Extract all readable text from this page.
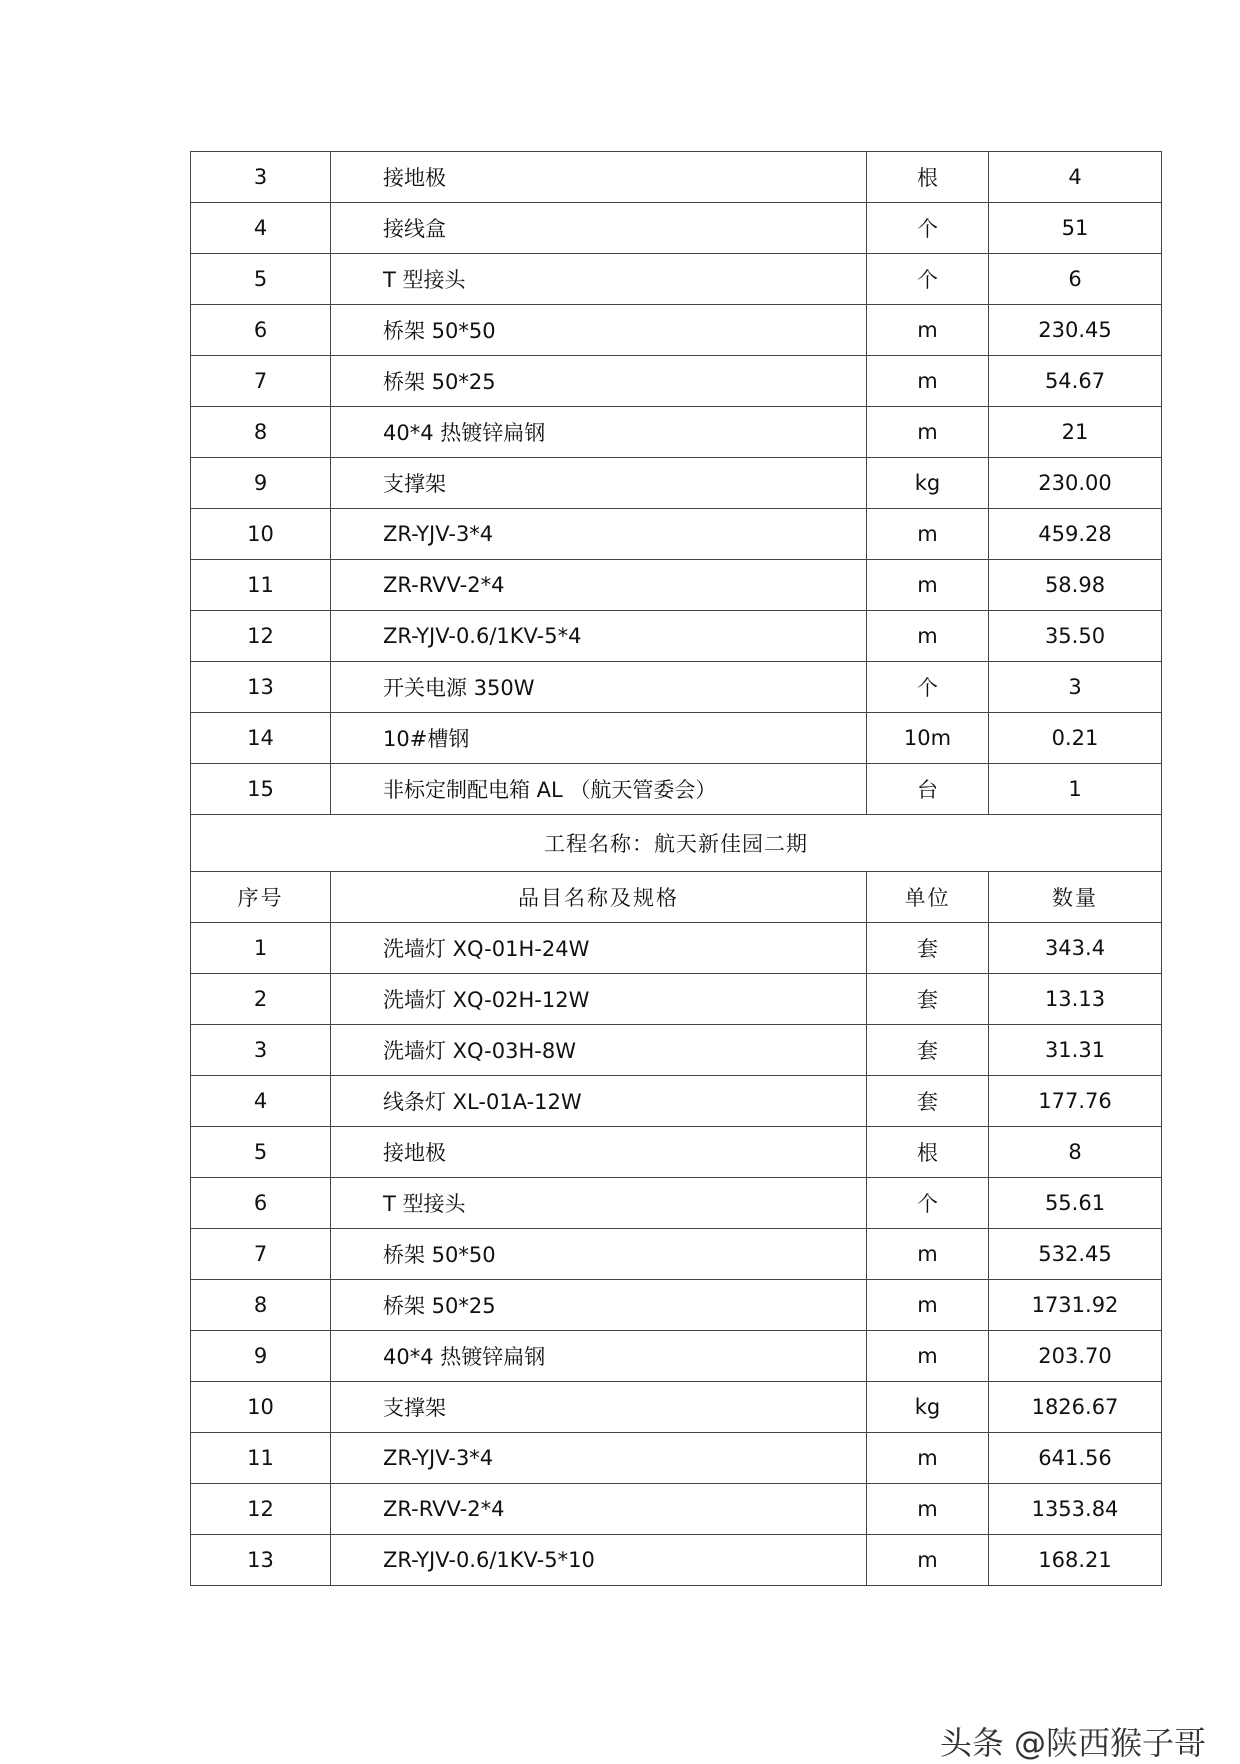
3	接地极	根	4
4	接线盒	个	51
5	T 型接头	个	6
6	桥架 50*50	m	230.45
7	桥架 50*25	m	54.67
8	40*4 热镀锌扁钢	m	21
9	支撑架	kg	230.00
10	ZR-YJV-3*4	m	459.28
11	ZR-RVV-2*4	m	58.98
12	ZR-YJV-0.6/1KV-5*4	m	35.50
13	开关电源 350W	个	3
14	10#槽钢	10m	0.21
15	非标定制配电箱 AL （航天管委会）	台	1
工程名称：航天新佳园二期			
序号	品目名称及规格	单位	数量
1	洗墙灯 XQ-01H-24W	套	343.4
2	洗墙灯 XQ-02H-12W	套	13.13
3	洗墙灯 XQ-03H-8W	套	31.31
4	线条灯 XL-01A-12W	套	177.76
5	接地极	根	8
6	T 型接头	个	55.61
7	桥架 50*50	m	532.45
8	桥架 50*25	m	1731.92
9	40*4 热镀锌扁钢	m	203.70
10	支撑架	kg	1826.67
11	ZR-YJV-3*4	m	641.56
12	ZR-RVV-2*4	m	1353.84
13	ZR-YJV-0.6/1KV-5*10	m	168.21
头条 @陕西猴子哥
